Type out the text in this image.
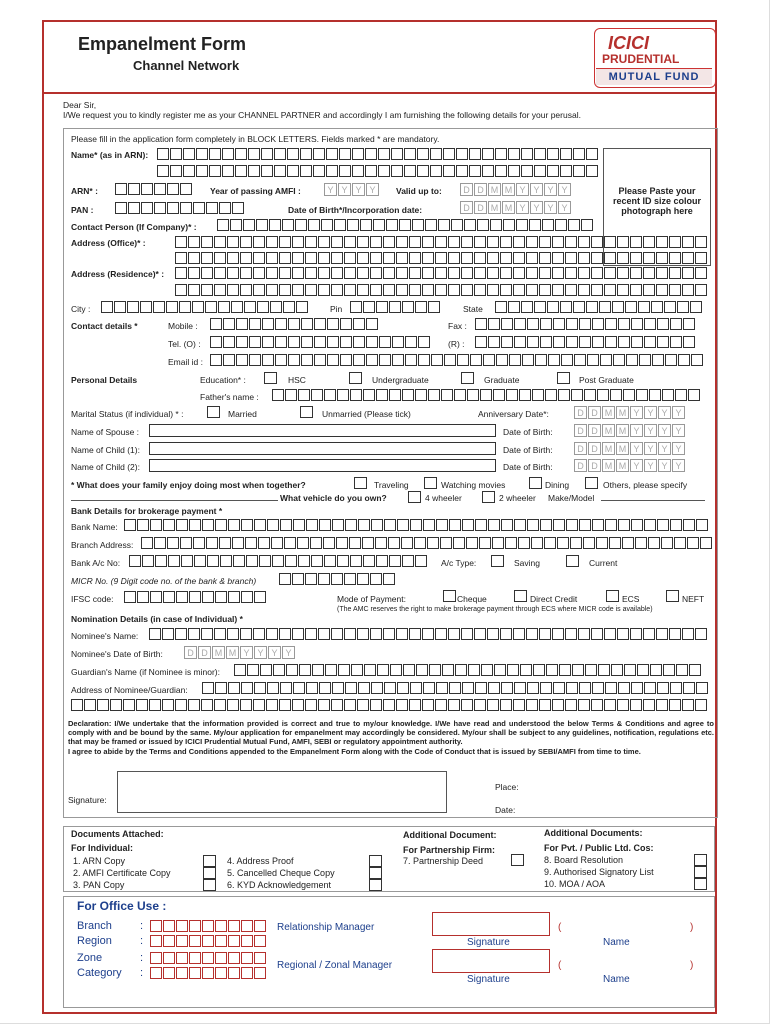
Empanelment Form
Channel Network
ICICI
PRUDENTIAL
MUTUAL FUND
Dear Sir,
I/We request you to kindly register me as your CHANNEL PARTNER and accordingly I am furnishing the following details for your perusal.
Please fill in the application form completely in BLOCK LETTERS. Fields marked * are mandatory.
Name* (as in ARN):
Please Paste your recent ID size colour photograph here
ARN* :	Year of passing AMFI :	Y Y Y Y	Valid up to:	D D M M Y Y Y Y
PAN :	Date of Birth*/Incorporation date:	D D M M Y Y Y Y
Contact Person (If Company)* :
Address (Office)* :
Address (Residence)* :
City :	Pin	State
Contact details *	Mobile :	Fax :
Tel. (O) :	(R) :
Email id :
Personal Details	Education* :	HSC	Undergraduate	Graduate	Post Graduate
Father's name :
Marital Status (if individual) * :	Married	Unmarried (Please tick)	Anniversary Date*:	D D M M Y Y Y Y
Name of Spouse :	Date of Birth:	D D M M Y Y Y Y
Name of Child (1):	Date of Birth:	D D M M Y Y Y Y
Name of Child (2):	Date of Birth:	D D M M Y Y Y Y
* What does your family enjoy doing most when together?	Traveling	Watching movies	Dining	Others, please specify
What vehicle do you own?	4 wheeler	2 wheeler Make/Model
Bank Details for brokerage payment *
Bank Name:
Branch Address:
Bank A/c No:	A/c Type:	Saving	Current
MICR No. (9 Digit code no. of the bank & branch)
IFSC code:	Mode of Payment:	Cheque	Direct Credit	ECS	NEFT
(The AMC reserves the right to make brokerage payment through ECS where MICR code is available)
Nomination Details (in case of Individual) *
Nominee's Name:
Nominee's Date of Birth:	D D M M Y Y Y Y
Guardian's Name (if Nominee is minor):
Address of Nominee/Guardian:
Declaration: I/We undertake that the information provided is correct and true to my/our knowledge. I/We have read and understood the below Terms & Conditions and agree to comply with and be bound by the same. My/our application for empanelment may accordingly be considered. My/our shall be subject to any guidelines, notification, regulations etc. that may be framed or issued by ICICI Prudential Mutual Fund, AMFI, SEBI or regulatory appointment authority.
I agree to abide by the Terms and Conditions appended to the Empanelment Form along with the Code of Conduct that is issued by SEBI/AMFI from time to time.
Signature:
Place:
Date:
Documents Attached:
For Individual:
1. ARN Copy
2. AMFI Certificate Copy
3. PAN Copy
4. Address Proof
5. Cancelled Cheque Copy
6. KYD Acknowledgement
Additional Document:
For Partnership Firm:
7. Partnership Deed
Additional Documents:
For Pvt. / Public Ltd. Cos:
8. Board Resolution
9. Authorised Signatory List
10. MOA / AOA
For Office Use :
Branch	:
Region	:
Zone	:
Category :
Relationship Manager
Signature
(	)
Name
Regional / Zonal Manager
Signature
(	)
Name
